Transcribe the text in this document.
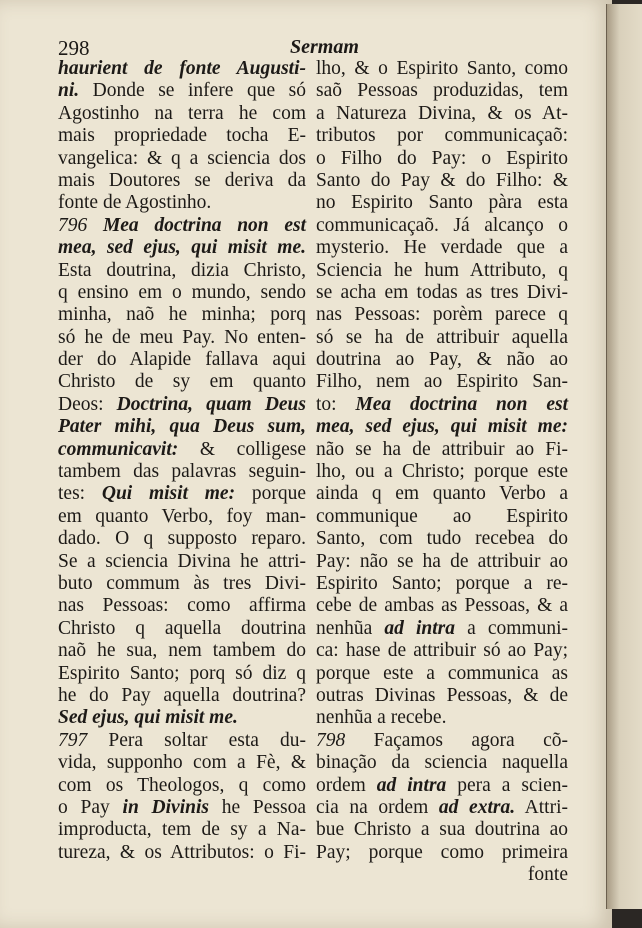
298	Sermam
haurient de fonte Augusti-
ni. Donde se infere que só
Agostinho na terra he com
mais propriedade tocha E-
vangelica: & q a sciencia dos
mais Doutores se deriva da
fonte de Agostinho.
796 Mea doctrina non est
mea, sed ejus, qui misit me.
Esta doutrina, dizia Christo,
q ensino em o mundo, sendo
minha, naõ he minha; porq
só he de meu Pay. No enten-
der do Alapide fallava aqui
Christo de sy em quanto
Deos: Doctrina, quam Deus
Pater mihi, qua Deus sum,
communicavit: & colligese
tambem das palavras seguin-
tes: Qui misit me: porque
em quanto Verbo, foy man-
dado. O q supposto reparo.
Se a sciencia Divina he attri-
buto commum às tres Divi-
nas Pessoas: como affirma
Christo q aquella doutrina
naõ he sua, nem tambem do
Espirito Santo; porq só diz q
he do Pay aquella doutrina?
Sed ejus, qui misit me.
797 Pera soltar esta du-
vida, supponho com a Fè, &
com os Theologos, q como
o Pay in Divinis he Pessoa
improducta, tem de sy a Na-
tureza, & os Attributos: o Fi-
lho, & o Espirito Santo, como
saõ Pessoas produzidas, tem
a Natureza Divina, & os At-
tributos por communicaçaõ:
o Filho do Pay: o Espirito
Santo do Pay & do Filho: &
no Espirito Santo pàra esta
communicaçaõ. Já alcanço o
mysterio. He verdade que a
Sciencia he hum Attributo, q
se acha em todas as tres Divi-
nas Pessoas: porèm parece q
só se ha de attribuir aquella
doutrina ao Pay, & não ao
Filho, nem ao Espirito San-
to: Mea doctrina non est
mea, sed ejus, qui misit me:
não se ha de attribuir ao Fi-
lho, ou a Christo; porque este
ainda q em quanto Verbo a
communique ao Espirito
Santo, com tudo recebea do
Pay: não se ha de attribuir ao
Espirito Santo; porque a re-
cebe de ambas as Pessoas, & a
nenhũa ad intra a communi-
ca: hase de attribuir só ao Pay;
porque este a communica as
outras Divinas Pessoas, & de
nenhũa a recebe.
798 Façamos agora cõ-
binação da sciencia naquella
ordem ad intra pera a scien-
cia na ordem ad extra. Attri-
bue Christo a sua doutrina ao
Pay; porque como primeira
fonte
